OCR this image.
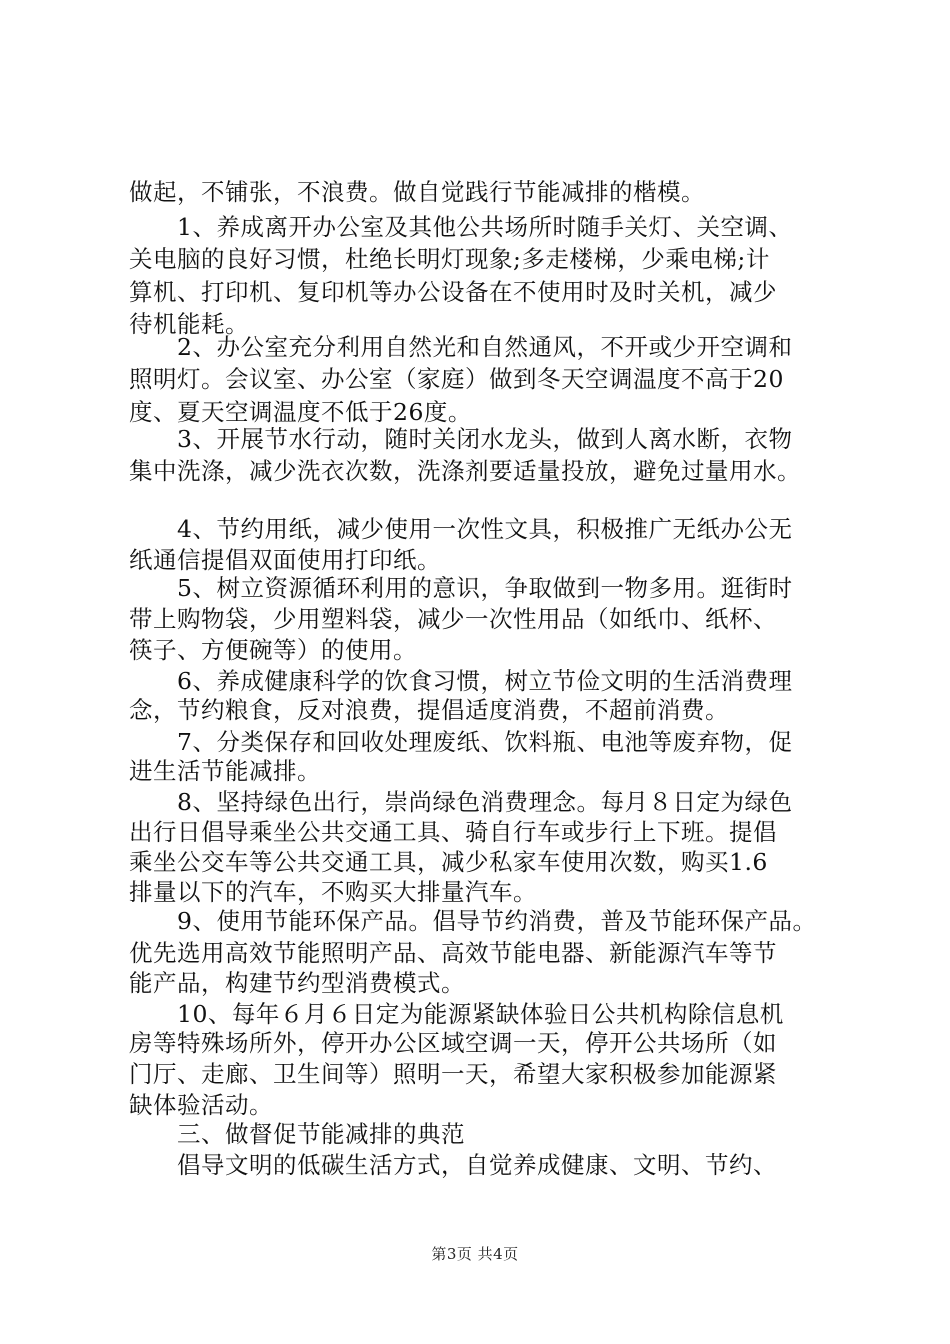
做起，不铺张，不浪费。做自觉践行节能减排的楷模。
1、养成离开办公室及其他公共场所时随手关灯、关空调、
关电脑的良好习惯，杜绝长明灯现象;多走楼梯，少乘电梯;计
算机、打印机、复印机等办公设备在不使用时及时关机，减少
待机能耗。
2、办公室充分利用自然光和自然通风，不开或少开空调和
照明灯。会议室、办公室（家庭）做到冬天空调温度不高于20
度、夏天空调温度不低于26度。
3、开展节水行动，随时关闭水龙头，做到人离水断，衣物
集中洗涤，减少洗衣次数，洗涤剂要适量投放，避免过量用水。
4、节约用纸，减少使用一次性文具，积极推广无纸办公无
纸通信提倡双面使用打印纸。
5、树立资源循环利用的意识，争取做到一物多用。逛街时
带上购物袋，少用塑料袋，减少一次性用品（如纸巾、纸杯、
筷子、方便碗等）的使用。
6、养成健康科学的饮食习惯，树立节俭文明的生活消费理
念，节约粮食，反对浪费，提倡适度消费，不超前消费。
7、分类保存和回收处理废纸、饮料瓶、电池等废弃物，促
进生活节能减排。
8、坚持绿色出行，崇尚绿色消费理念。每月８日定为绿色
出行日倡导乘坐公共交通工具、骑自行车或步行上下班。提倡
乘坐公交车等公共交通工具，减少私家车使用次数，购买1.6
排量以下的汽车，不购买大排量汽车。
9、使用节能环保产品。倡导节约消费，普及节能环保产品。
优先选用高效节能照明产品、高效节能电器、新能源汽车等节
能产品，构建节约型消费模式。
10、每年６月６日定为能源紧缺体验日公共机构除信息机
房等特殊场所外，停开办公区域空调一天，停开公共场所（如
门厅、走廊、卫生间等）照明一天，希望大家积极参加能源紧
缺体验活动。
三、做督促节能减排的典范
倡导文明的低碳生活方式，自觉养成健康、文明、节约、
第3页 共4页
